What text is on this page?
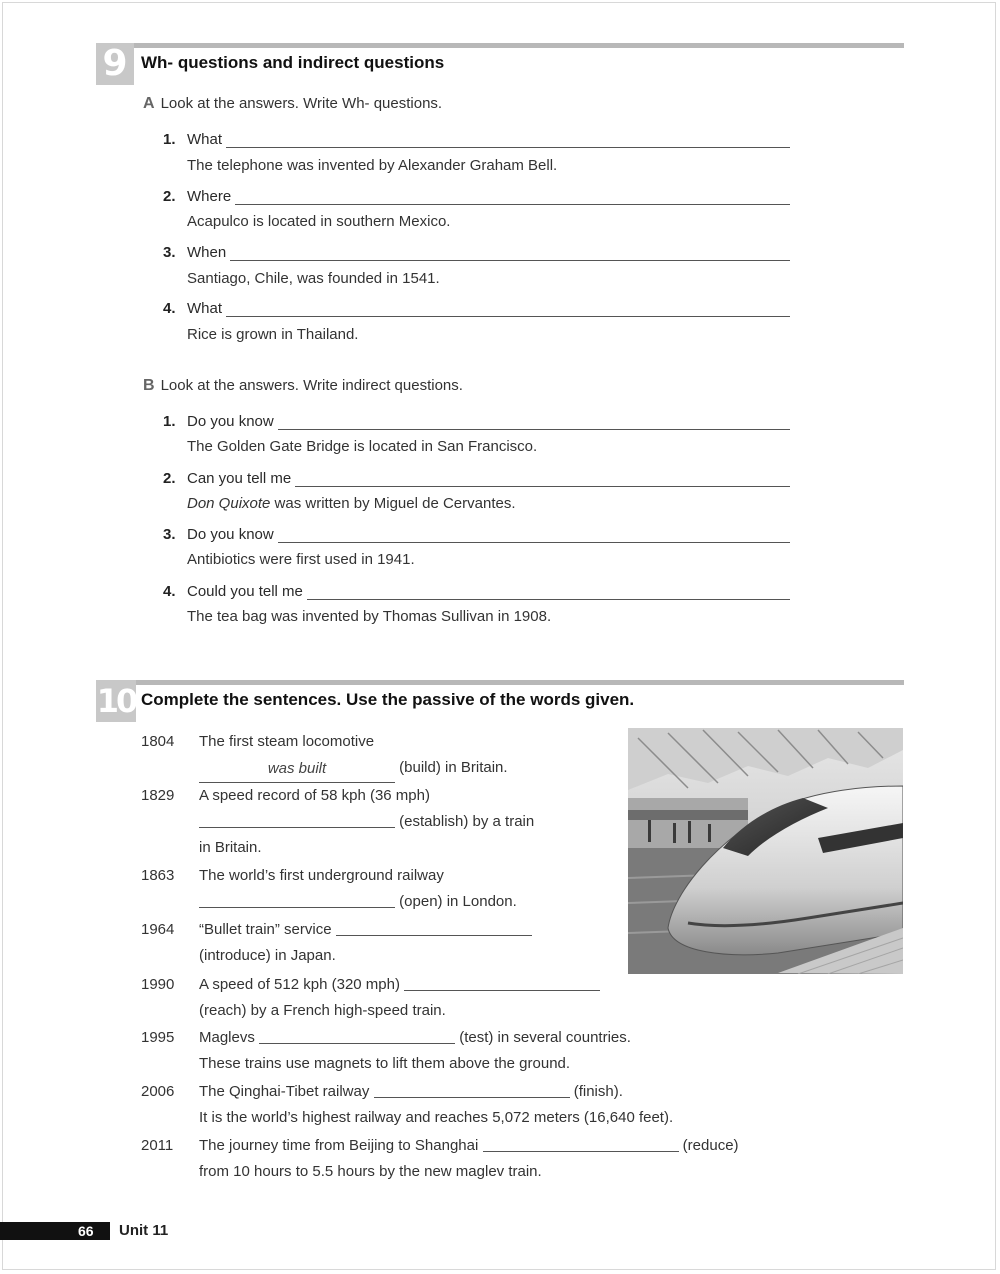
9 Wh- questions and indirect questions
A Look at the answers. Write Wh- questions.
1. What
The telephone was invented by Alexander Graham Bell.
2. Where
Acapulco is located in southern Mexico.
3. When
Santiago, Chile, was founded in 1541.
4. What
Rice is grown in Thailand.
B Look at the answers. Write indirect questions.
1. Do you know
The Golden Gate Bridge is located in San Francisco.
2. Can you tell me
Don Quixote was written by Miguel de Cervantes.
3. Do you know
Antibiotics were first used in 1941.
4. Could you tell me
The tea bag was invented by Thomas Sullivan in 1908.
10 Complete the sentences. Use the passive of the words given.
1804	The first steam locomotive
was built	(build) in Britain.
1829	A speed record of 58 kph (36 mph)
(establish) by a train
in Britain.
1863	The world’s first underground railway
(open) in London.
1964	“Bullet train” service
(introduce) in Japan.
1990	A speed of 512 kph (320 mph)
(reach) by a French high-speed train.
1995	Maglevs	(test) in several countries.
These trains use magnets to lift them above the ground.
2006	The Qinghai-Tibet railway	(finish).
It is the world’s highest railway and reaches 5,072 meters (16,640 feet).
2011	The journey time from Beijing to Shanghai	(reduce)
from 10 hours to 5.5 hours by the new maglev train.
66 Unit 11
